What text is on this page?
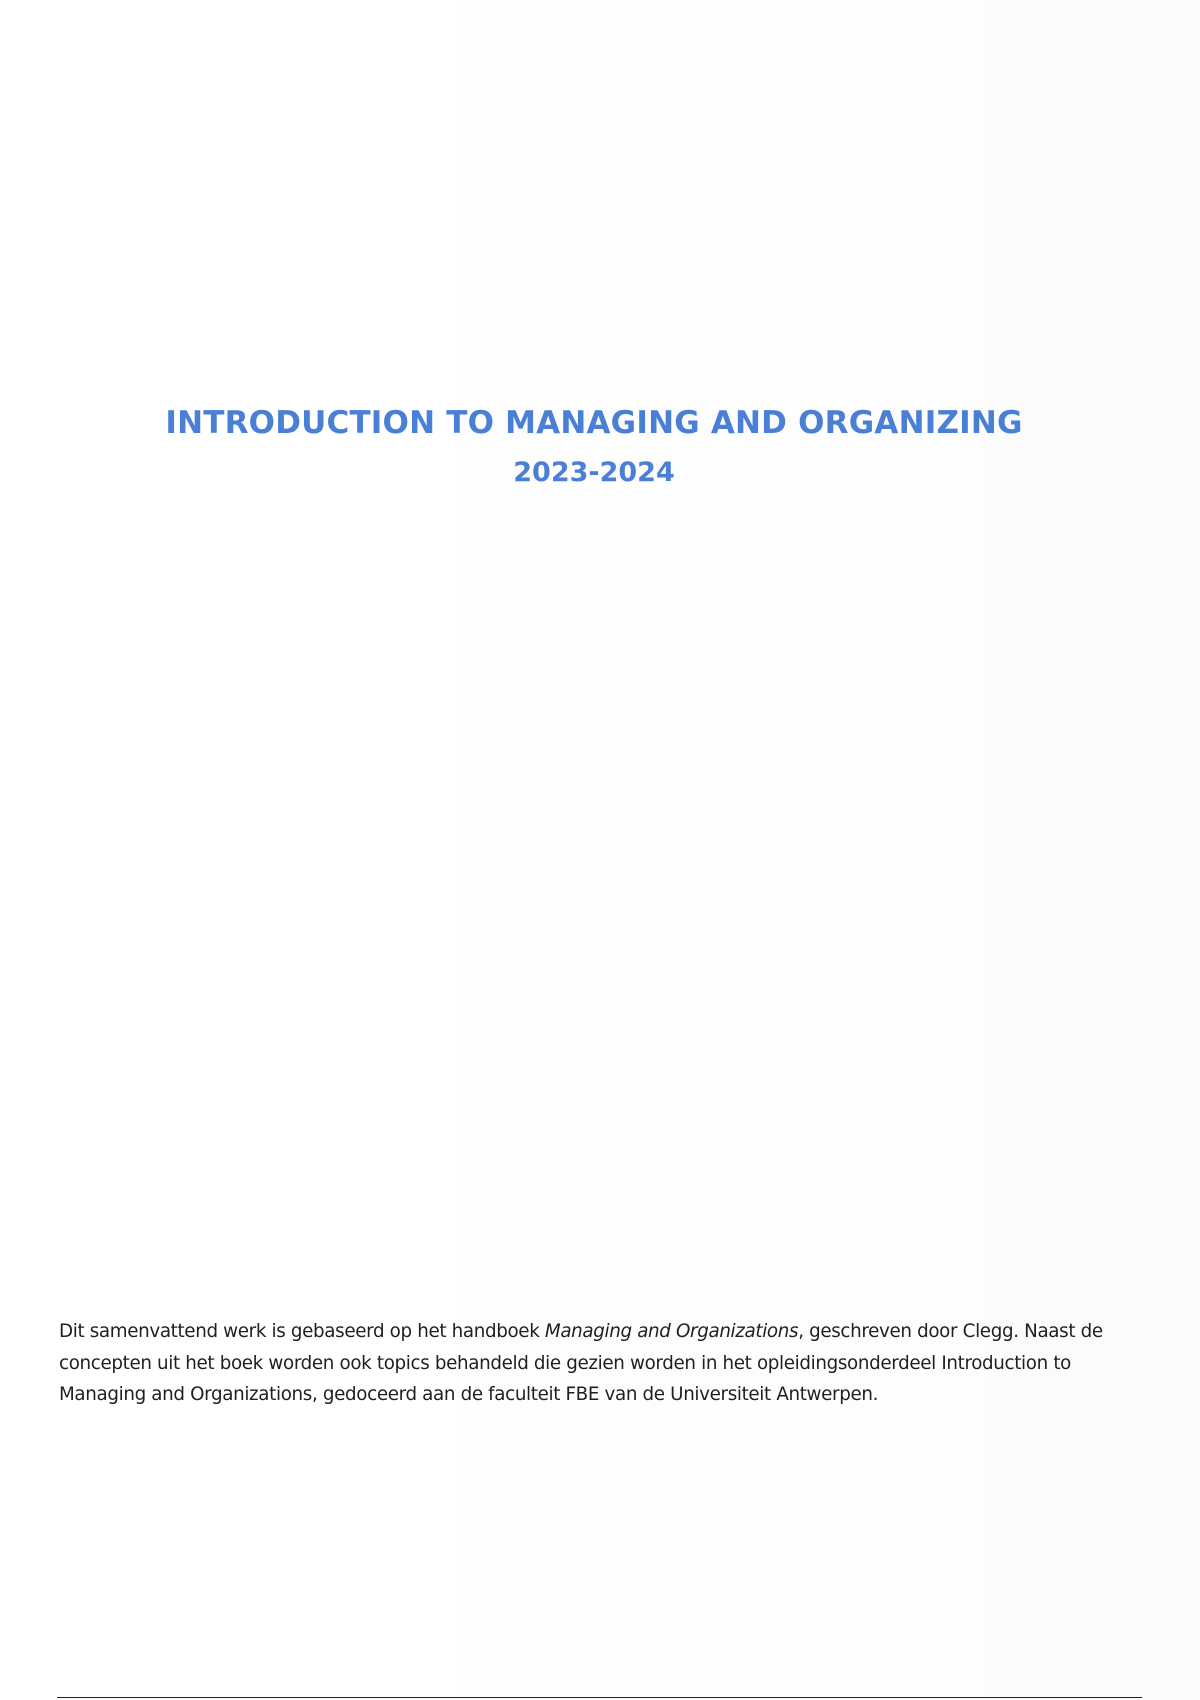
INTRODUCTION TO MANAGING AND ORGANIZING

2023-2024

Dit samenvattend werk is gebaseerd op het handboek Managing and Organizations, geschreven door Clegg. Naast de concepten uit het boek worden ook topics behandeld die gezien worden in het opleidingsonderdeel Introduction to Managing and Organizations, gedoceerd aan de faculteit FBE van de Universiteit Antwerpen.
